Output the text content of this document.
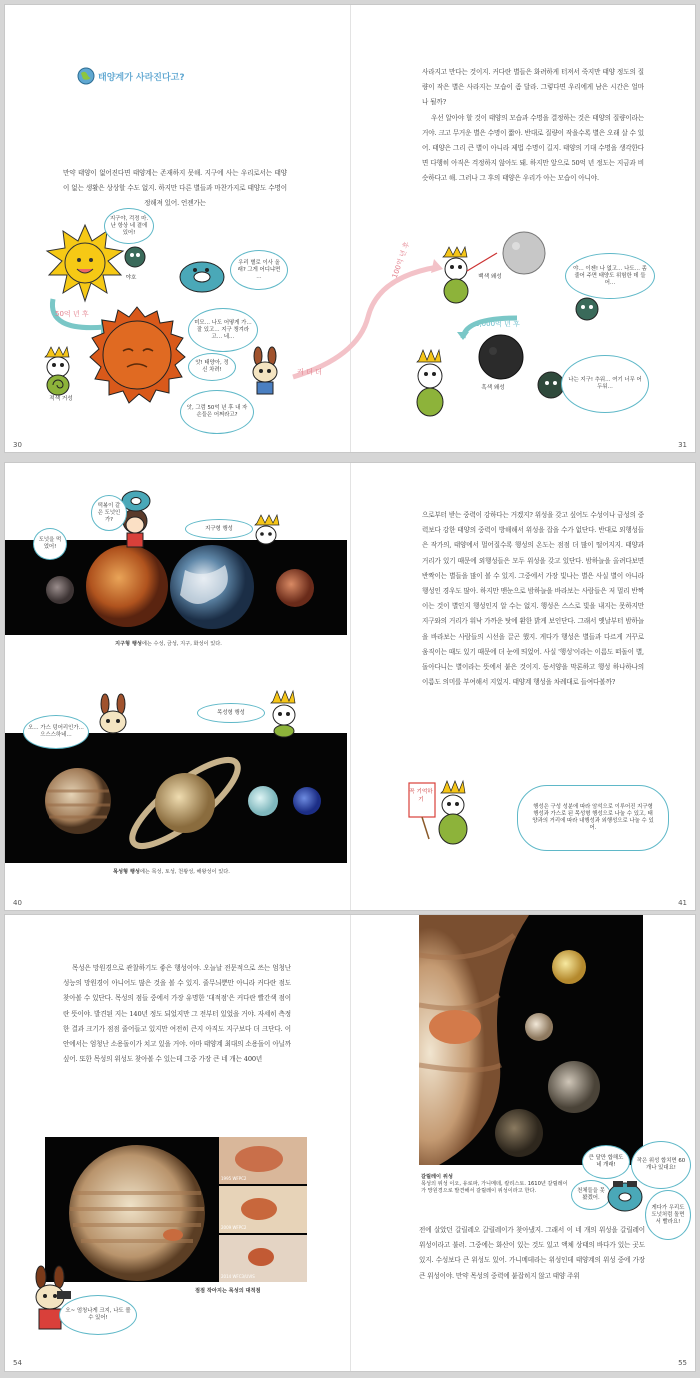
태양계가 사라진다고?
만약 태양이 없어진다면 태양계는 존재하지 못해. 지구에 사는 우리로서는 태양이 없는 생활은 상상할 수도 없지. 하지만 다른 별들과 마찬가지로 태양도 수명이 정해져 있어. 언젠가는
지구야, 걱정 마. 난 항상 네 곁에 있어!
야호
우리 별로 이사 올래? 그게 어디냐면 …
50억 년 후
적색 거성
미모… 나도 어떻게 가… 잘 있고… 지구 챙겨라고… 네…
앗! 태양아, 정신 차려!
앗, 그럼 50억 년 후 내 자손들은 어쩌라고?
커 더 더
100억 년 후

사라지고 만다는 것이지. 커다란 별들은 화려하게 터져서 죽지만 태양 정도의 질량이 작은 별은 사라지는 모습이 좀 달라. 그렇다면 우리에게 남은 시간은 얼마나 될까?

우선 알아야 할 것이 태양의 모습과 수명을 결정하는 것은 태양의 질량이라는 거야. 크고 무거운 별은 수명이 짧아. 반대로 질량이 작을수록 별은 오래 살 수 있어. 태양은 그리 큰 별이 아니라 제법 수명이 길지. 태양의 기대 수명을 생각한다면 다행히 아직은 걱정하지 않아도 돼. 하지만 앞으로 50억 년 정도는 지금과 비슷하다고 해. 그러나 그 후의 태양은 우리가 아는 모습이 아니야.

백색 왜성
야… 이젠! 나 없고… 나도… 좀 줄어 주면 태양도 위험한 데 들어…
1,000억 년 후
흑색 왜성
나는 지구! 추워… 여기 너무 어두워…
30	31
떡볶이 같은 도넛인가?
도넛을 먹었어!
지구형 행성
지구형 행성에는 수성, 금성, 지구, 화성이 있다.
오… 가스 덩어리인가… 으스스하네…
목성형 행성
목성형 행성에는 목성, 토성, 천왕성, 해왕성이 있다.
으로부터 받는 중력이 강하다는 거겠지? 위성을 갖고 싶어도 수성이나 금성의 중력보다 강한 태양의 중력이 방해해서 위성을 잡을 수가 없단다. 반대로 외행성들은 작가의, 태양에서 멀어질수록 행성의 온도는 점점 더 많이 떨어지지. 태양과 거리가 있기 때문에 외행성들은 모두 위성을 갖고 있단다. 밤하늘을 올려다보면 반짝이는 별들을 많이 볼 수 있지. 그중에서 가장 빛나는 별은 사실 별이 아니라 행성인 경우도 많아. 하지만 맨눈으로 밤하늘을 바라보는 사람들은 저 멀리 반짝이는 것이 별인지 행성인지 알 수는 없지. 행성은 스스로 빛을 내지는 못하지만 지구와의 거리가 워낙 가까운 탓에 환한 밝게 보인단다. 그래서 옛날부터 밤하늘을 바라보는 사람들의 시선을 끌곤 했지. 게다가 행성은 별들과 다르게 거꾸로 움직이는 때도 있기 때문에 더 눈에 띄었어. 사실 '행성'이라는 이름도 떠돌이 별, 돌아다니는 별이라는 뜻에서 붙은 것이지. 동서양을 막론하고 행성 하나하나의 이름도 의미를 부여해서 지었지. 태양계 행성을 차례대로 들여다볼까?
꼭 기억하기
행성은 구성 성분에 따라 암석으로 이루어진 지구형 행성과 가스로 된 목성형 행성으로 나눌 수 있고, 태양과의 거리에 따라 내행성과 외행성으로 나눌 수 있어.
40	41

목성은 망원경으로 관찰하기도 좋은 행성이야. 오늘날 전문적으로 쓰는 엄청난 성능의 망원경이 아니어도 많은 것을 볼 수 있지. 줄무늬뿐만 아니라 커다란 점도 찾아볼 수 있단다. 목성의 점들 중에서 가장 유명한 '대적점'은 커다란 빨간색 점이란 뜻이야. 발견된 지는 140년 정도 되었지만 그 전부터 있었을 거야. 자세히 측정한 결과 크기가 점점 줄어들고 있지만 여전히 큰지 아직도 지구보다 더 크단다. 이 안에서는 엄청난 소용돌이가 치고 있을 거야. 아마 태양계 최대의 소용돌이 아닐까 싶어. 또한 목성의 위성도 찾아볼 수 있는데 그중 가장 큰 네 개는 400년

1995 WFPC2
2009 WFPC2
2014 WFC3/UVIS
점점 작아지는 목성의 대적점
오~ 엄청나게 크지, 나도 볼 수 있어!
갈릴레이 위성
목성의 위성 이오, 유로파, 가니메데, 칼리스토. 1610년 갈릴레이가 망원경으로 발견해서 갈릴레이 위성이라고 한다.
작은 위성 합치면 60개나 있대요!
큰 달만 합해도 네 개래!
천체들을 못 봤겠어.
게다가 우리도 도넛처럼 돌면서 빨라요!
전에 살았던 갈릴레오 갈릴레이가 찾아냈지. 그래서 이 네 개의 위성을 갈릴레이 위성이라고 불러. 그중에는 화산이 있는 것도 있고 액체 상태의 바다가 있는 곳도 있지. 수성보다 큰 위성도 있어. 가니메데라는 위성인데 태양계의 위성 중에 가장 큰 위성이야. 만약 목성의 중력에 붙잡히지 않고 태양 주위
54	55
